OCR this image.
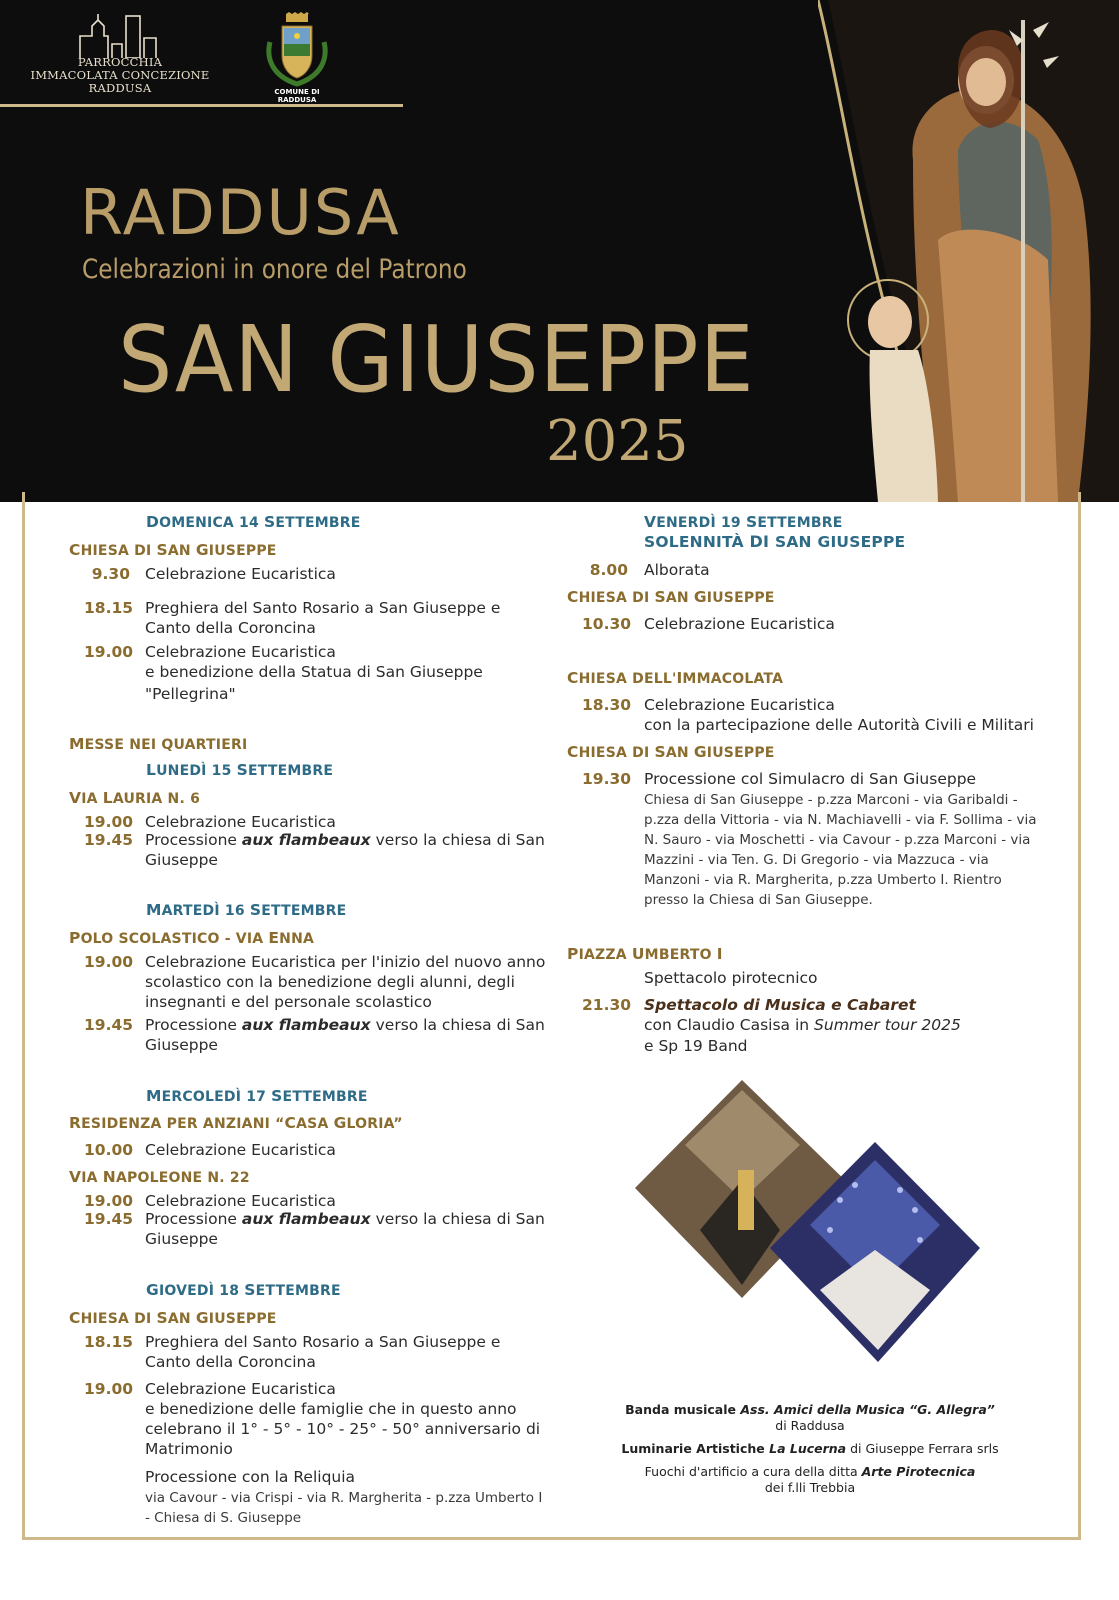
PARROCCHIA
IMMACOLATA CONCEZIONE
RADDUSA	COMUNE DI
RADDUSA
RADDUSA
Celebrazioni in onore del Patrono
SAN GIUSEPPE
2025
DOMENICA 14 SETTEMBRE
CHIESA DI SAN GIUSEPPE
9.30 Celebrazione Eucaristica
18.15 Preghiera del Santo Rosario a San Giuseppe e
Canto della Coroncina
19.00 Celebrazione Eucaristica
e benedizione della Statua di San Giuseppe
"Pellegrina"
MESSE NEI QUARTIERI
LUNEDÌ 15 SETTEMBRE
VIA LAURIA N. 6
19.00 Celebrazione Eucaristica
19.45 Processione aux flambeaux verso la chiesa di San
Giuseppe
MARTEDÌ 16 SETTEMBRE
POLO SCOLASTICO - VIA ENNA
19.00 Celebrazione Eucaristica per l'inizio del nuovo anno
scolastico con la benedizione degli alunni, degli
insegnanti e del personale scolastico
19.45 Processione aux flambeaux verso la chiesa di San
Giuseppe
MERCOLEDÌ 17 SETTEMBRE
RESIDENZA PER ANZIANI “CASA GLORIA”
10.00 Celebrazione Eucaristica
VIA NAPOLEONE N. 22
19.00 Celebrazione Eucaristica
19.45 Processione aux flambeaux verso la chiesa di San
Giuseppe
GIOVEDÌ 18 SETTEMBRE
CHIESA DI SAN GIUSEPPE
18.15 Preghiera del Santo Rosario a San Giuseppe e
Canto della Coroncina
19.00 Celebrazione Eucaristica
e benedizione delle famiglie che in questo anno
celebrano il 1° - 5° - 10° - 25° - 50° anniversario di
Matrimonio
Processione con la Reliquia
via Cavour - via Crispi - via R. Margherita - p.zza Umberto I
- Chiesa di S. Giuseppe
VENERDÌ 19 SETTEMBRE
SOLENNITÀ DI SAN GIUSEPPE
8.00 Alborata
CHIESA DI SAN GIUSEPPE
10.30 Celebrazione Eucaristica
CHIESA DELL'IMMACOLATA
18.30 Celebrazione Eucaristica
con la partecipazione delle Autorità Civili e Militari
CHIESA DI SAN GIUSEPPE
19.30 Processione col Simulacro di San Giuseppe
Chiesa di San Giuseppe - p.zza Marconi - via Garibaldi -
p.zza della Vittoria - via N. Machiavelli - via F. Sollima - via
N. Sauro - via Moschetti - via Cavour - p.zza Marconi - via
Mazzini - via Ten. G. Di Gregorio - via Mazzuca - via
Manzoni - via R. Margherita, p.zza Umberto I. Rientro
presso la Chiesa di San Giuseppe.
PIAZZA UMBERTO I
Spettacolo pirotecnico
21.30 Spettacolo di Musica e Cabaret
con Claudio Casisa in Summer tour 2025
e Sp 19 Band
Banda musicale Ass. Amici della Musica “G. Allegra”
di Raddusa
Luminarie Artistiche La Lucerna di Giuseppe Ferrara srls
Fuochi d'artificio a cura della ditta Arte Pirotecnica
dei f.lli Trebbia
